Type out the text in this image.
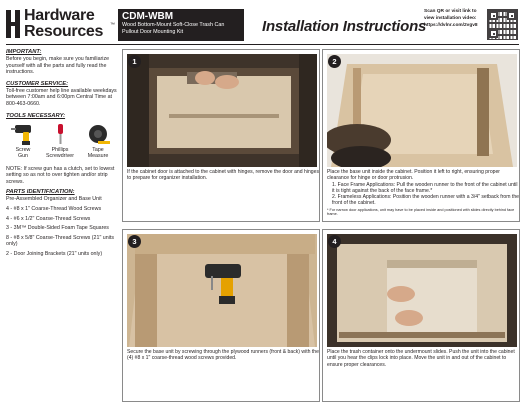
Hardware
Resources ™
CDM-WBM
Wood Bottom-Mount Soft-Close Trash Can
Pullout Door Mounting Kit	Installation Instructions
Scan QR or visit link to
view installation video:
https://dvlnr.com/2vgv8
IMPORTANT:
Before you begin, make sure you familiarize yourself with all the parts and fully read the instructions.
CUSTOMER SERVICE:
Toll-free customer help line available weekdays between 7:00am and 6:00pm Central Time at 800-463-0660.
TOOLS NECESSARY:
Screw
Gun
Phillips
Screwdriver
Tape
Measure
NOTE: If screw gun has a clutch, set to lowest setting so as not to over tighten and/or strip screws.
PARTS IDENTIFICATION:
Pre-Assembled Organizer and Base Unit
4 - #8 x 1" Coarse-Thread Wood Screws
4 - #6 x 1/2" Coarse-Thread Screws
3 - 3M™ Double-Sided Foam Tape Squares
8 - #8 x 5/8" Coarse-Thread Screws (21" units only)
2 - Door Joining Brackets (21" units only)
1
If the cabinet door is attached to the cabinet with hinges, remove the door and hinges to prepare for organizer installation.
2
Place the base unit inside the cabinet. Position it left to right, ensuring proper clearance for hinge or door protrusion.
1. Face Frame Applications: Pull the wooden runner to the front of the cabinet until it is tight against the back of the face frame.*
2. Frameless Applications: Position the wooden runner with a 3/4" setback from the front of the cabinet.
* For narrow door applications, unit may have to be placed inside and positioned with slides directly behind face frame.
3
Secure the base unit by screwing through the plywood runners (front & back) with the (4) #8 x 1" coarse-thread wood screws provided.
4
Place the trash container onto the undermount slides. Push the unit into the cabinet until you hear the clips lock into place. Move the unit in and out of the cabinet to ensure proper clearances.
